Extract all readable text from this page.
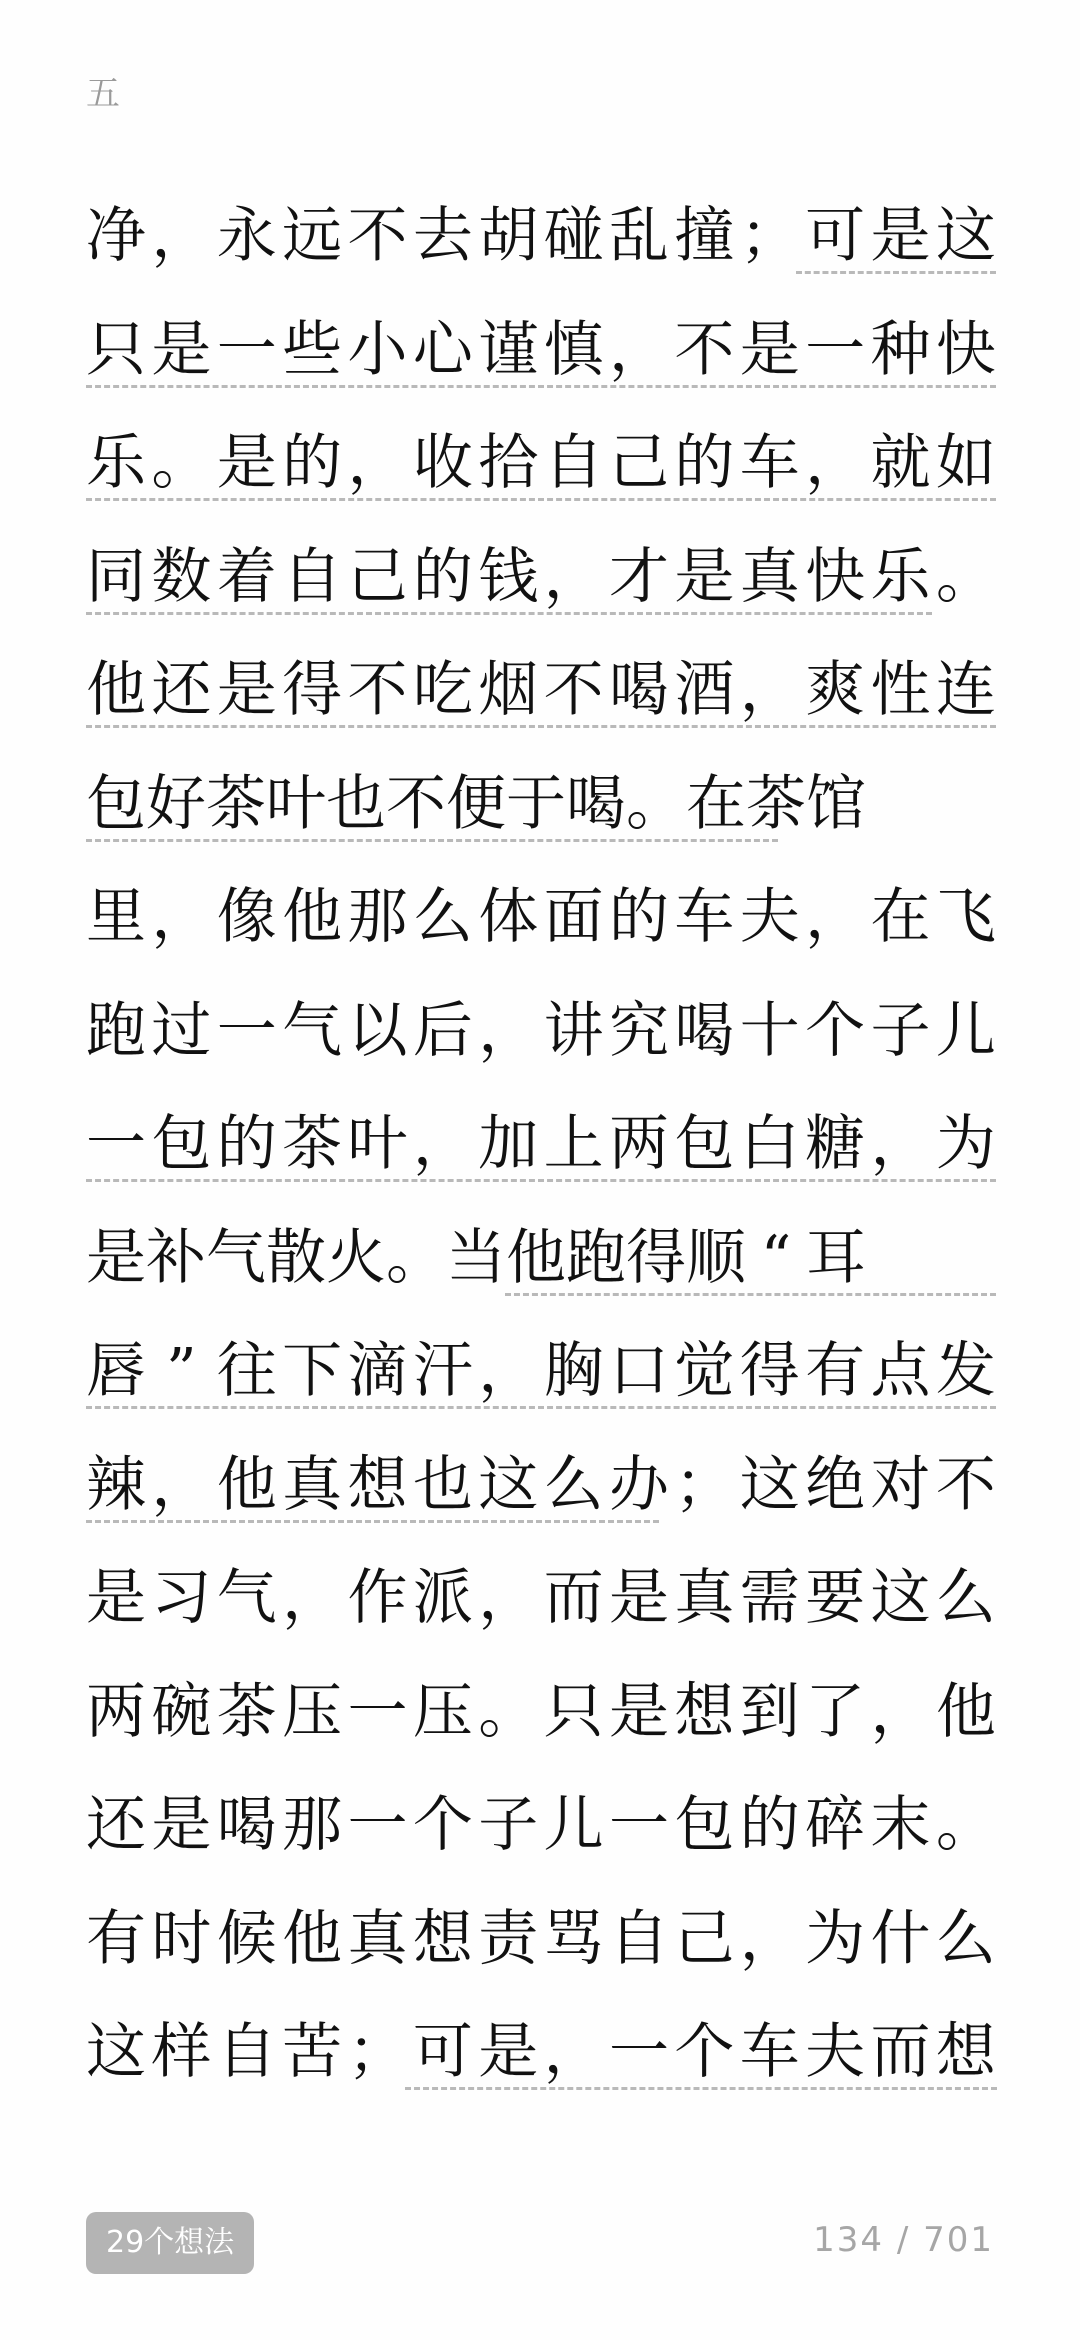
五
净 ， 永 远 不 去 胡 碰 乱 撞 ； 可 是 这
只 是 一 些 小 心 谨 慎 ， 不 是 一 种 快
乐 。 是 的 ， 收 拾 自 己 的 车 ， 就 如
同 数 着 自 己 的 钱 ， 才 是 真 快 乐 。
他 还 是 得 不 吃 烟 不 喝 酒 ， 爽 性 连
包 好 茶 叶 也 不 便 于 喝 。 在 茶 馆
里 ， 像 他 那 么 体 面 的 车 夫 ， 在 飞
跑 过 一 气 以 后 ， 讲 究 喝 十 个 子 儿
一 包 的 茶 叶 ， 加 上 两 包 白 糖 ， 为
是 补 气 散 火 。 当 他 跑 得 顺 “ 耳
唇 ” 往 下 滴 汗 ， 胸 口 觉 得 有 点 发
辣 ， 他 真 想 也 这 么 办 ； 这 绝 对 不
是 习 气 ， 作 派 ， 而 是 真 需 要 这 么
两 碗 茶 压 一 压 。 只 是 想 到 了 ， 他
还 是 喝 那 一 个 子 儿 一 包 的 碎 末 。
有 时 候 他 真 想 责 骂 自 己 ， 为 什 么
这 样 自 苦 ； 可 是 ， 一 个 车 夫 而 想
29个想法	134 / 701
